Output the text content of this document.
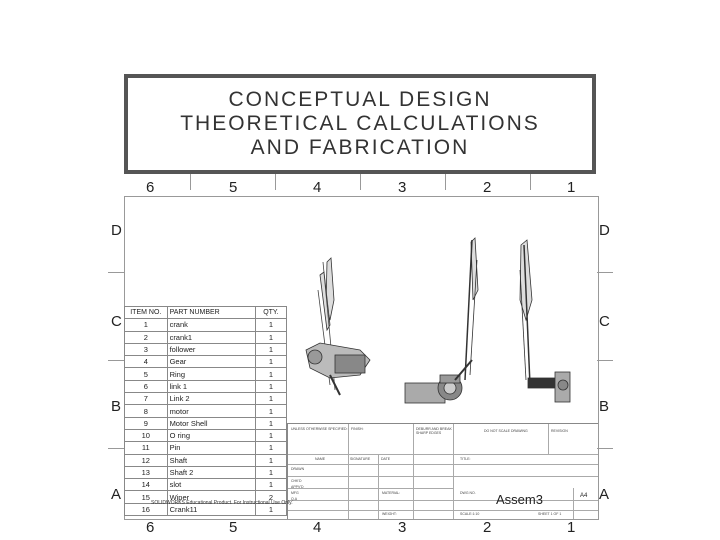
CONCEPTUAL DESIGN
THEORETICAL CALCULATIONS
AND FABRICATION
6	5	4	3	2	1
6	5	4	3	2	1
D
C
B
A
D
C
B
A
ITEM NO.	PART NUMBER	QTY.
1	crank	1
2	crank1	1
3	follower	1
4	Gear	1
5	Ring	1
6	link 1	1
7	Link 2	1
8	motor	1
9	Motor Shell	1
10	O ring	1
11	Pin	1
12	Shaft	1
13	Shaft 2	1
14	slot	1
15	Wiper	2
16	Crank11	1
UNLESS OTHERWISE SPECIFIED: FINISH:	DEBURR AND BREAK SHARP EDGES	DO NOT SCALE DRAWING	REVISION
NAME	SIGNATURE	DATE	TITLE:
DRAWN
CHK'D
APPV'D
MFG
Q.A
MATERIAL:	DWG NO.
WEIGHT:	SCALE:1:10	SHEET 1 OF 1
Assem3	A4
SOLIDWORKS Educational Product. For Instructional Use Only.
